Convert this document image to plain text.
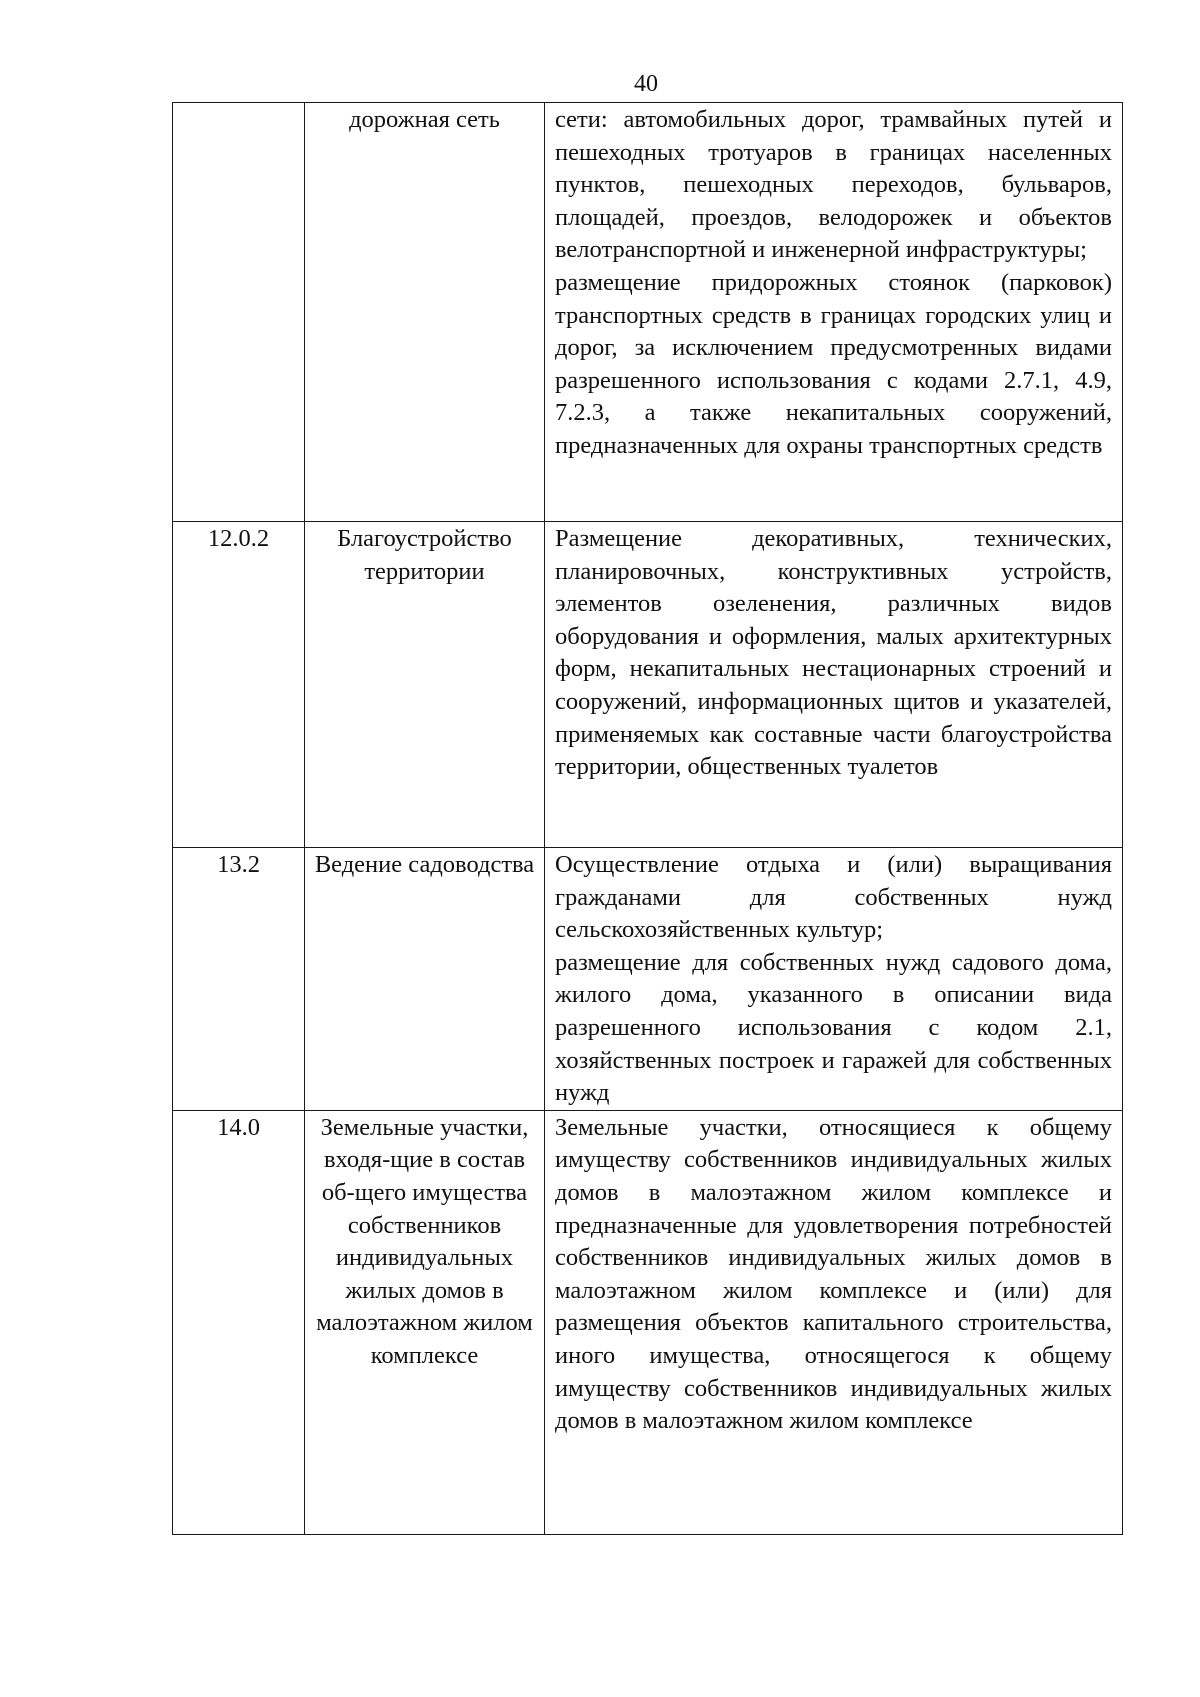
40
	дорожная сеть	сети: автомобильных дорог, трамвайных путей и пешеходных тротуаров в границах населенных пунктов, пешеходных переходов, бульваров, площадей, проездов, велодорожек и объектов велотранспортной и инженерной инфраструктуры;

размещение придорожных стоянок (парковок) транспортных средств в границах городских улиц и дорог, за исключением предусмотренных видами разрешенного использования с кодами 2.7.1, 4.9, 7.2.3, а также некапитальных сооружений, предназначенных для охраны транспортных средств

12.0.2	Благоустройство территории	Размещение декоративных, технических, планировочных, конструктивных устройств, элементов озеленения, различных видов оборудования и оформления, малых архитектурных форм, некапитальных нестационарных строений и сооружений, информационных щитов и указателей, применяемых как составные части благоустройства территории, общественных туалетов

13.2	Ведение садоводства	Осуществление отдыха и (или) выращивания гражданами для собственных нужд сельскохозяйственных культур;

размещение для собственных нужд садового дома, жилого дома, указанного в описании вида разрешенного использования с кодом 2.1, хозяйственных построек и гаражей для собственных нужд

14.0	Земельные участки, входя-щие в состав об-щего имущества собственников индивидуальных жилых домов в малоэтажном жилом комплексе	Земельные участки, относящиеся к общему имуществу собственников индивидуальных жилых домов в малоэтажном жилом комплексе и предназначенные для удовлетворения потребностей собственников индивидуальных жилых домов в малоэтажном жилом комплексе и (или) для размещения объектов капитального строительства, иного имущества, относящегося к общему имуществу собственников индивидуальных жилых домов в малоэтажном жилом комплексе
